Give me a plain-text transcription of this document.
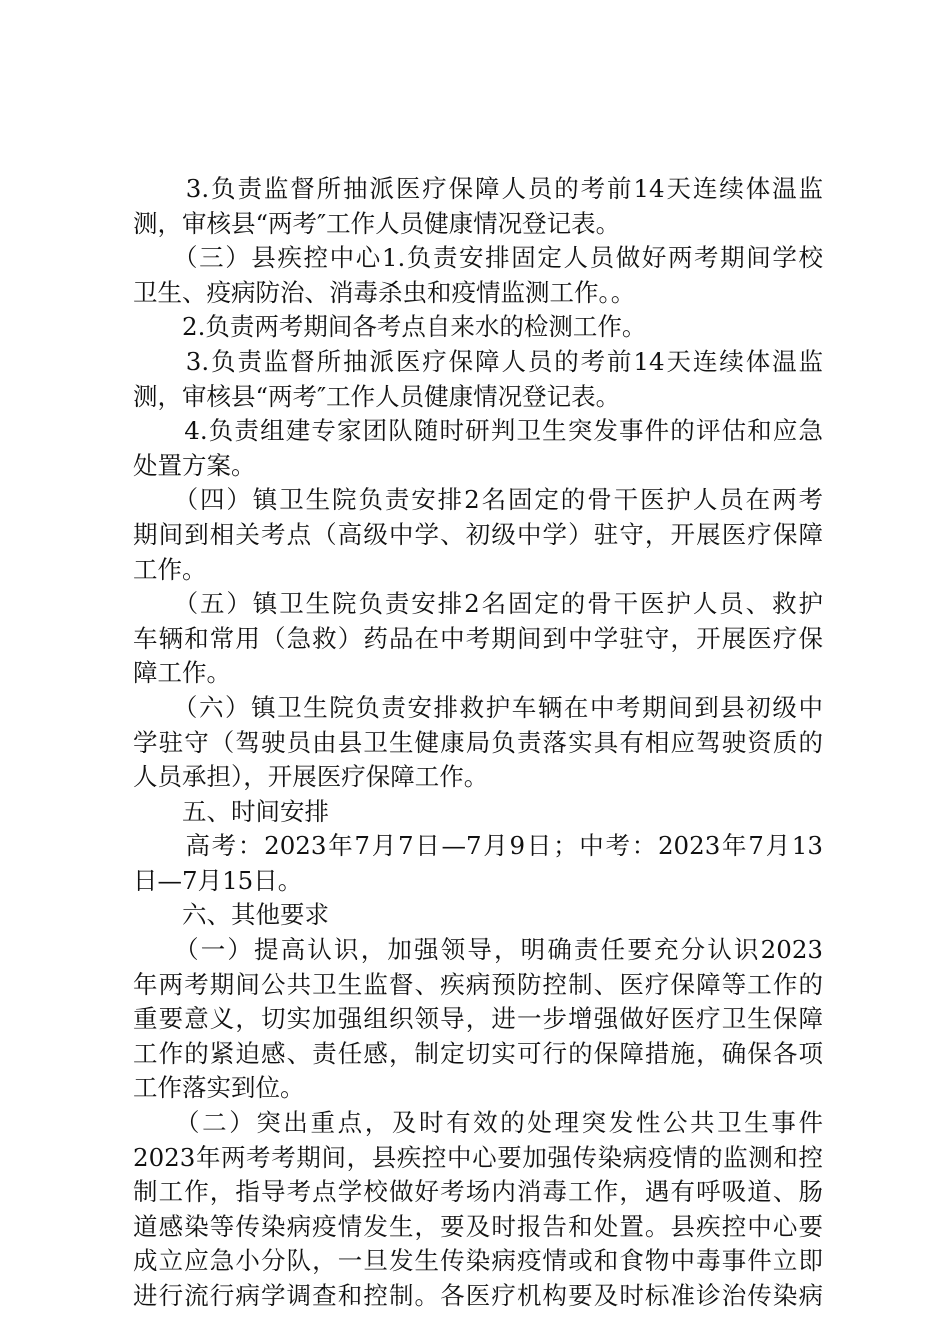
　　3.负责监督所抽派医疗保障人员的考前14天连续体温监
测，审核县“两考″工作人员健康情况登记表。
　　（三）县疾控中心1.负责安排固定人员做好两考期间学校
卫生、疫病防治、消毒杀虫和疫情监测工作。。
　　2.负责两考期间各考点自来水的检测工作。
　　3.负责监督所抽派医疗保障人员的考前14天连续体温监
测，审核县“两考″工作人员健康情况登记表。
　　4.负责组建专家团队随时研判卫生突发事件的评估和应急
处置方案。
　　（四）镇卫生院负责安排2名固定的骨干医护人员在两考
期间到相关考点（高级中学、初级中学）驻守，开展医疗保障
工作。
　　（五）镇卫生院负责安排2名固定的骨干医护人员、救护
车辆和常用（急救）药品在中考期间到中学驻守，开展医疗保
障工作。
　　（六）镇卫生院负责安排救护车辆在中考期间到县初级中
学驻守（驾驶员由县卫生健康局负责落实具有相应驾驶资质的
人员承担），开展医疗保障工作。
　　五、时间安排
　　高考：2023年7月7日—7月9日；中考：2023年7月13
日—7月15日。
　　六、其他要求
　　（一）提高认识，加强领导，明确责任要充分认识2023
年两考期间公共卫生监督、疾病预防控制、医疗保障等工作的
重要意义，切实加强组织领导，进一步增强做好医疗卫生保障
工作的紧迫感、责任感，制定切实可行的保障措施，确保各项
工作落实到位。
　　（二）突出重点，及时有效的处理突发性公共卫生事件
2023年两考考期间，县疾控中心要加强传染病疫情的监测和控
制工作，指导考点学校做好考场内消毒工作，遇有呼吸道、肠
道感染等传染病疫情发生，要及时报告和处置。县疾控中心要
成立应急小分队，一旦发生传染病疫情或和食物中毒事件立即
进行流行病学调查和控制。各医疗机构要及时标准诊治传染病
